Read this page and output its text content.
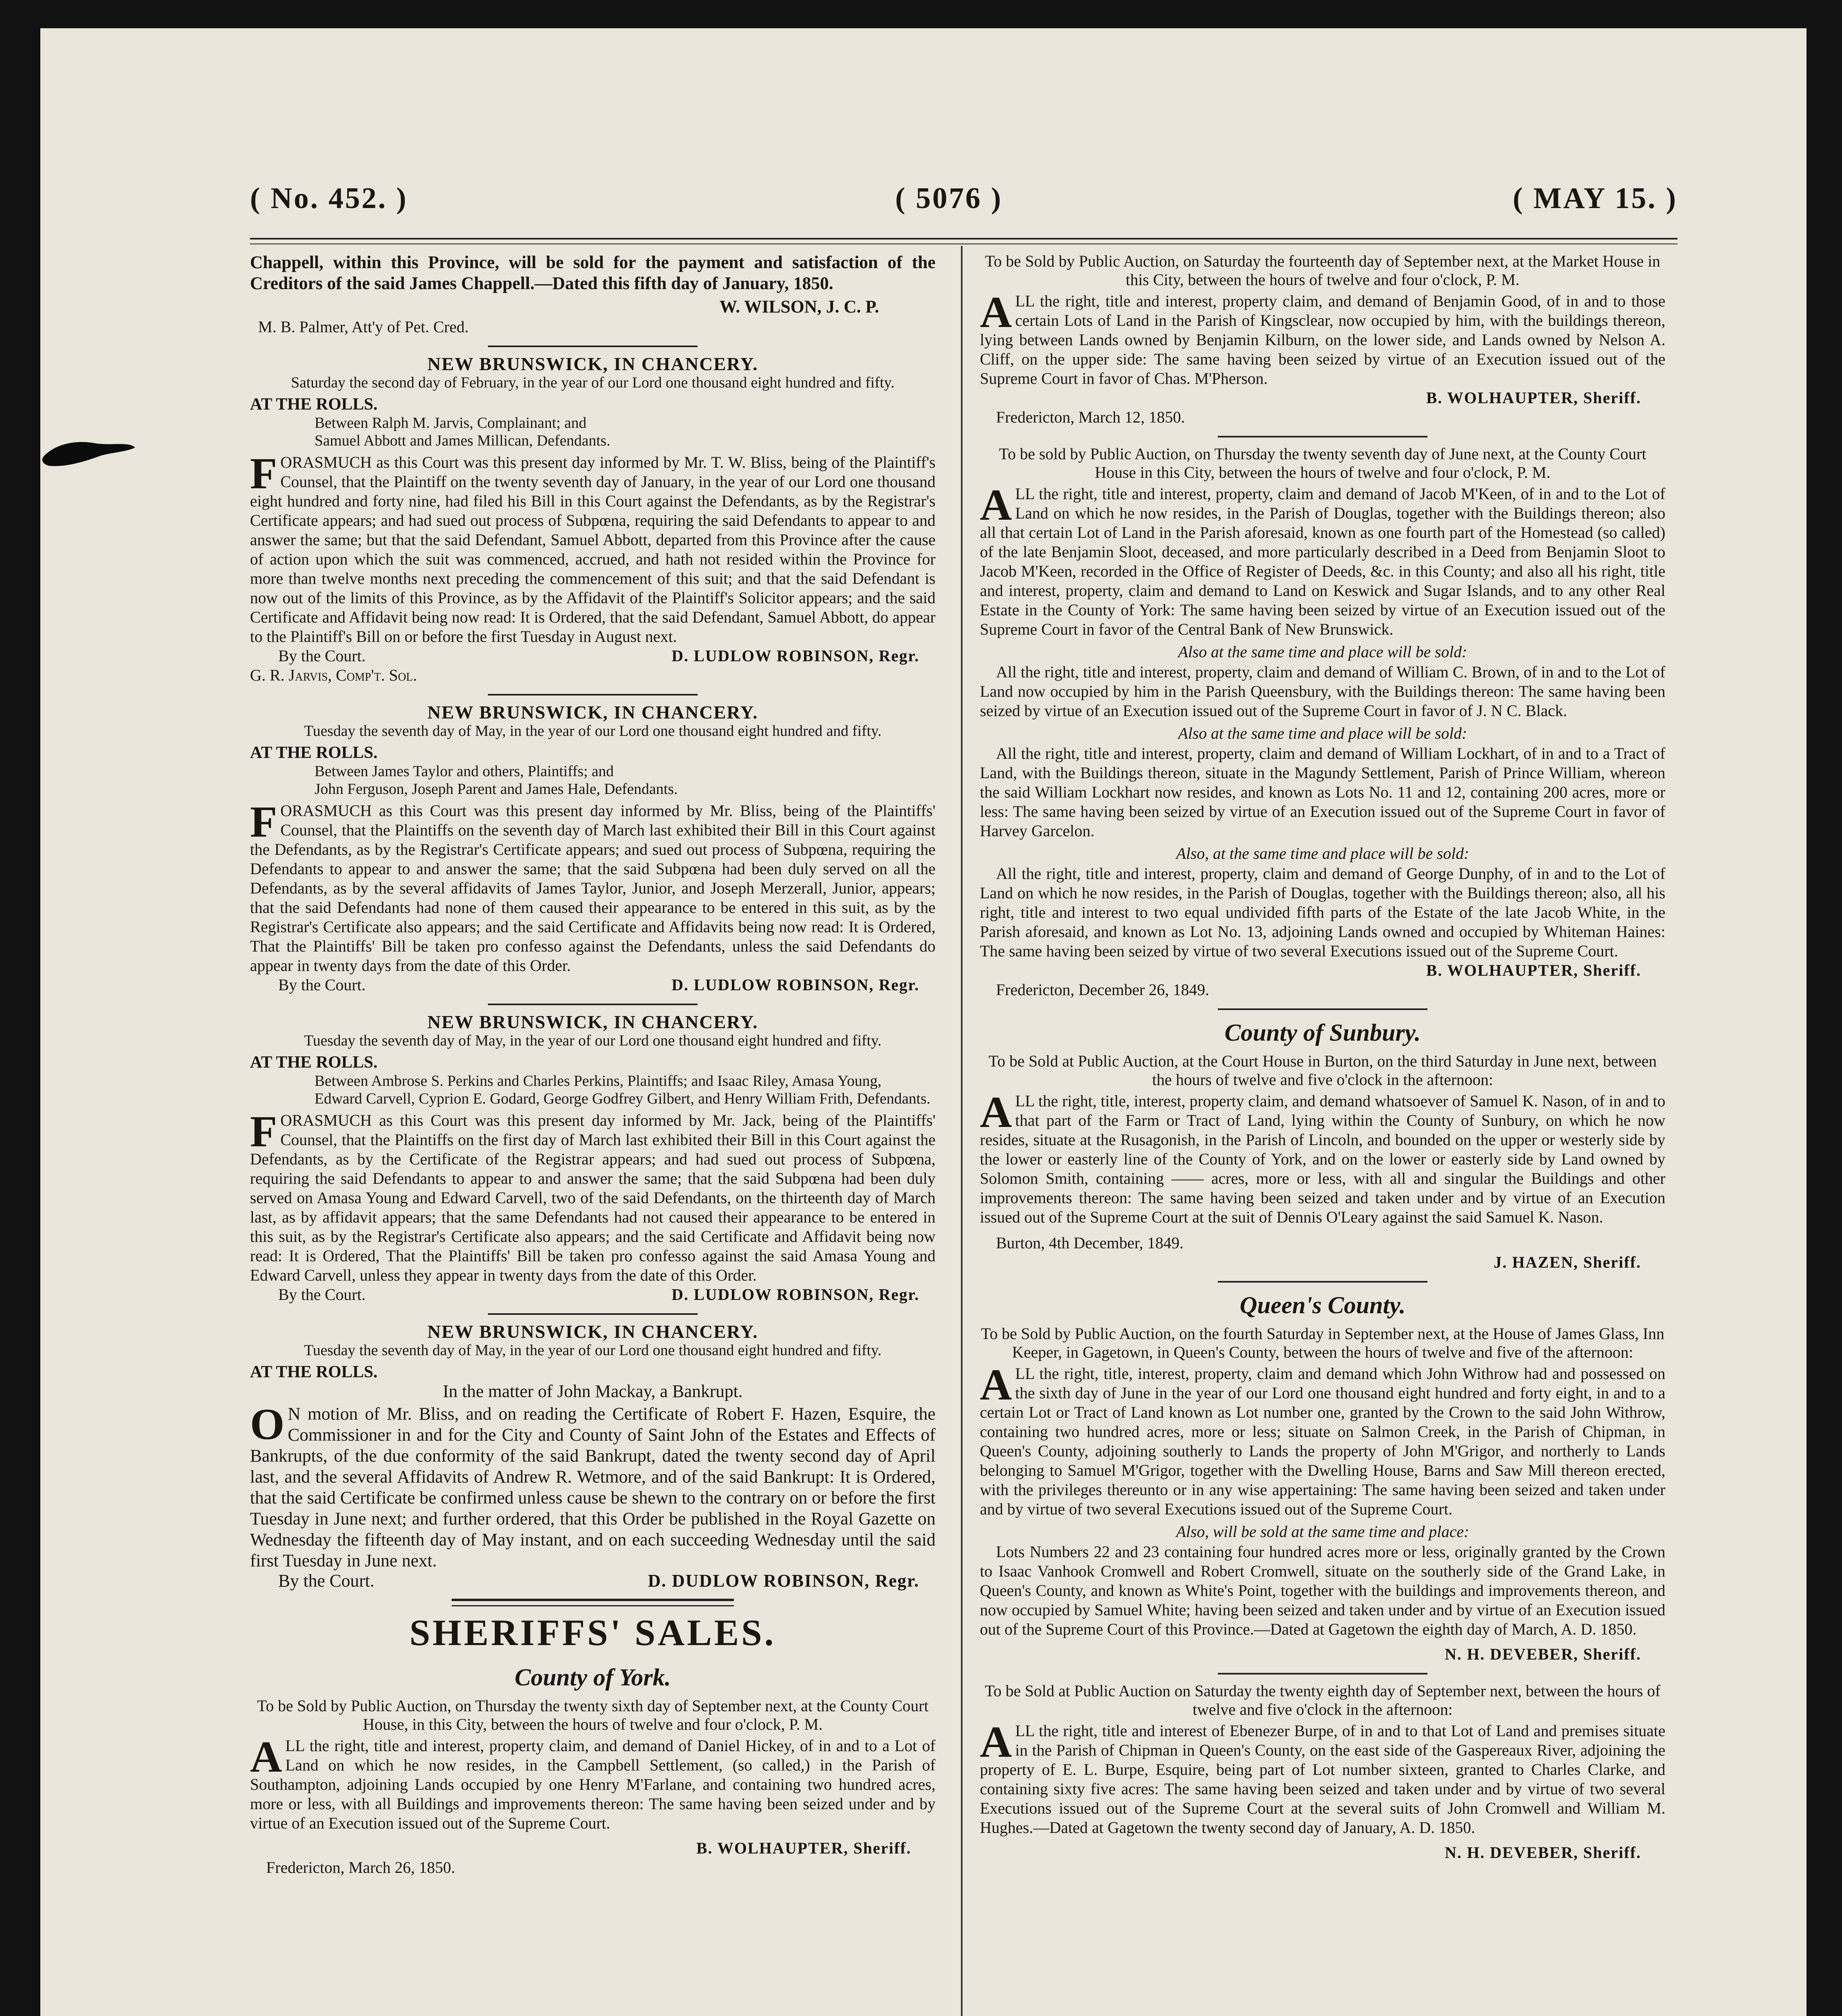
( No. 452. )	( 5076 )	( MAY 15. )

Chappell, within this Province, will be sold for the payment and satisfaction of the Creditors of the said James Chappell.—Dated this fifth day of January, 1850.

W. WILSON, J. C. P.
M. B. Palmer, Att'y of Pet. Cred.
NEW BRUNSWICK, IN CHANCERY.
Saturday the second day of February, in the year of our Lord one thousand eight hundred and fifty.
AT THE ROLLS.
Between Ralph M. Jarvis, Complainant; and
Samuel Abbott and James Millican, Defendants.

FORASMUCH as this Court was this present day informed by Mr. T. W. Bliss, being of the Plaintiff's Counsel, that the Plaintiff on the twenty seventh day of January, in the year of our Lord one thousand eight hundred and forty nine, had filed his Bill in this Court against the Defendants, as by the Registrar's Certificate appears; and had sued out process of Subpœna, requiring the said Defendants to appear to and answer the same; but that the said Defendant, Samuel Abbott, departed from this Province after the cause of action upon which the suit was commenced, accrued, and hath not resided within the Province for more than twelve months next preceding the commencement of this suit; and that the said Defendant is now out of the limits of this Province, as by the Affidavit of the Plaintiff's Solicitor appears; and the said Certificate and Affidavit being now read: It is Ordered, that the said Defendant, Samuel Abbott, do appear to the Plaintiff's Bill on or before the first Tuesday in August next.

By the Court.	D. LUDLOW ROBINSON, Regr.
G. R. Jarvis, Comp't. Sol.
NEW BRUNSWICK, IN CHANCERY.
Tuesday the seventh day of May, in the year of our Lord one thousand eight hundred and fifty.
AT THE ROLLS.
Between James Taylor and others, Plaintiffs; and
John Ferguson, Joseph Parent and James Hale, Defendants.

FORASMUCH as this Court was this present day informed by Mr. Bliss, being of the Plaintiffs' Counsel, that the Plaintiffs on the seventh day of March last exhibited their Bill in this Court against the Defendants, as by the Registrar's Certificate appears; and sued out process of Subpœna, requiring the Defendants to appear to and answer the same; that the said Subpœna had been duly served on all the Defendants, as by the several affidavits of James Taylor, Junior, and Joseph Merzerall, Junior, appears; that the said Defendants had none of them caused their appearance to be entered in this suit, as by the Registrar's Certificate also appears; and the said Certificate and Affidavits being now read: It is Ordered, That the Plaintiffs' Bill be taken pro confesso against the Defendants, unless the said Defendants do appear in twenty days from the date of this Order.

By the Court.	D. LUDLOW ROBINSON, Regr.
NEW BRUNSWICK, IN CHANCERY.
Tuesday the seventh day of May, in the year of our Lord one thousand eight hundred and fifty.
AT THE ROLLS.
Between Ambrose S. Perkins and Charles Perkins, Plaintiffs; and Isaac Riley, Amasa Young, Edward Carvell, Cyprion E. Godard, George Godfrey Gilbert, and Henry William Frith, Defendants.

FORASMUCH as this Court was this present day informed by Mr. Jack, being of the Plaintiffs' Counsel, that the Plaintiffs on the first day of March last exhibited their Bill in this Court against the Defendants, as by the Certificate of the Registrar appears; and had sued out process of Subpœna, requiring the said Defendants to appear to and answer the same; that the said Subpœna had been duly served on Amasa Young and Edward Carvell, two of the said Defendants, on the thirteenth day of March last, as by affidavit appears; that the same Defendants had not caused their appearance to be entered in this suit, as by the Registrar's Certificate also appears; and the said Certificate and Affidavit being now read: It is Ordered, That the Plaintiffs' Bill be taken pro confesso against the said Amasa Young and Edward Carvell, unless they appear in twenty days from the date of this Order.

By the Court.	D. LUDLOW ROBINSON, Regr.
NEW BRUNSWICK, IN CHANCERY.
Tuesday the seventh day of May, in the year of our Lord one thousand eight hundred and fifty.
AT THE ROLLS.
In the matter of John Mackay, a Bankrupt.

O N motion of Mr. Bliss, and on reading the Certificate of Robert F. Hazen, Esquire, the Commissioner in and for the City and County of Saint John of the Estates and Effects of Bankrupts, of the due conformity of the said Bankrupt, dated the twenty second day of April last, and the several Affidavits of Andrew R. Wetmore, and of the said Bankrupt: It is Ordered, that the said Certificate be confirmed unless cause be shewn to the contrary on or before the first Tuesday in June next; and further ordered, that this Order be published in the Royal Gazette on Wednesday the fifteenth day of May instant, and on each succeeding Wednesday until the said first Tuesday in June next.

By the Court.	D. DUDLOW ROBINSON, Regr.
SHERIFFS' SALES.
County of York.
To be Sold by Public Auction, on Thursday the twenty sixth day of September next, at the County Court House, in this City, between the hours of twelve and four o'clock, P. M.

ALL the right, title and interest, property claim, and demand of Daniel Hickey, of in and to a Lot of Land on which he now resides, in the Campbell Settlement, (so called,) in the Parish of Southampton, adjoining Lands occupied by one Henry M'Farlane, and containing two hundred acres, more or less, with all Buildings and improvements thereon: The same having been seized under and by virtue of an Execution issued out of the Supreme Court.

B. WOLHAUPTER, Sheriff.
Fredericton, March 26, 1850.
To be Sold by Public Auction, on Saturday the fourteenth day of September next, at the Market House in this City, between the hours of twelve and four o'clock, P. M.

ALL the right, title and interest, property claim, and demand of Benjamin Good, of in and to those certain Lots of Land in the Parish of Kingsclear, now occupied by him, with the buildings thereon, lying between Lands owned by Benjamin Kilburn, on the lower side, and Lands owned by Nelson A. Cliff, on the upper side: The same having been seized by virtue of an Execution issued out of the Supreme Court in favor of Chas. M'Pherson.

B. WOLHAUPTER, Sheriff.
Fredericton, March 12, 1850.
To be sold by Public Auction, on Thursday the twenty seventh day of June next, at the County Court House in this City, between the hours of twelve and four o'clock, P. M.

ALL the right, title and interest, property, claim and demand of Jacob M'Keen, of in and to the Lot of Land on which he now resides, in the Parish of Douglas, together with the Buildings thereon; also all that certain Lot of Land in the Parish aforesaid, known as one fourth part of the Homestead (so called) of the late Benjamin Sloot, deceased, and more particularly described in a Deed from Benjamin Sloot to Jacob M'Keen, recorded in the Office of Register of Deeds, &c. in this County; and also all his right, title and interest, property, claim and demand to Land on Keswick and Sugar Islands, and to any other Real Estate in the County of York: The same having been seized by virtue of an Execution issued out of the Supreme Court in favor of the Central Bank of New Brunswick.

Also at the same time and place will be sold:

All the right, title and interest, property, claim and demand of William C. Brown, of in and to the Lot of Land now occupied by him in the Parish Queensbury, with the Buildings thereon: The same having been seized by virtue of an Execution issued out of the Supreme Court in favor of J. N C. Black.

Also at the same time and place will be sold:

All the right, title and interest, property, claim and demand of William Lockhart, of in and to a Tract of Land, with the Buildings thereon, situate in the Magundy Settlement, Parish of Prince William, whereon the said William Lockhart now resides, and known as Lots No. 11 and 12, containing 200 acres, more or less: The same having been seized by virtue of an Execution issued out of the Supreme Court in favor of Harvey Garcelon.

Also, at the same time and place will be sold:

All the right, title and interest, property, claim and demand of George Dunphy, of in and to the Lot of Land on which he now resides, in the Parish of Douglas, together with the Buildings thereon; also, all his right, title and interest to two equal undivided fifth parts of the Estate of the late Jacob White, in the Parish aforesaid, and known as Lot No. 13, adjoining Lands owned and occupied by Whiteman Haines: The same having been seized by virtue of two several Executions issued out of the Supreme Court.

B. WOLHAUPTER, Sheriff.
Fredericton, December 26, 1849.
County of Sunbury.
To be Sold at Public Auction, at the Court House in Burton, on the third Saturday in June next, between the hours of twelve and five o'clock in the afternoon:

ALL the right, title, interest, property claim, and demand whatsoever of Samuel K. Nason, of in and to that part of the Farm or Tract of Land, lying within the County of Sunbury, on which he now resides, situate at the Rusagonish, in the Parish of Lincoln, and bounded on the upper or westerly side by the lower or easterly line of the County of York, and on the lower or easterly side by Land owned by Solomon Smith, containing —— acres, more or less, with all and singular the Buildings and other improvements thereon: The same having been seized and taken under and by virtue of an Execution issued out of the Supreme Court at the suit of Dennis O'Leary against the said Samuel K. Nason.

Burton, 4th December, 1849.
J. HAZEN, Sheriff.
Queen's County.
To be Sold by Public Auction, on the fourth Saturday in September next, at the House of James Glass, Inn Keeper, in Gagetown, in Queen's County, between the hours of twelve and five of the afternoon:

ALL the right, title, interest, property, claim and demand which John Withrow had and possessed on the sixth day of June in the year of our Lord one thousand eight hundred and forty eight, in and to a certain Lot or Tract of Land known as Lot number one, granted by the Crown to the said John Withrow, containing two hundred acres, more or less; situate on Salmon Creek, in the Parish of Chipman, in Queen's County, adjoining southerly to Lands the property of John M'Grigor, and northerly to Lands belonging to Samuel M'Grigor, together with the Dwelling House, Barns and Saw Mill thereon erected, with the privileges thereunto or in any wise appertaining: The same having been seized and taken under and by virtue of two several Executions issued out of the Supreme Court.

Also, will be sold at the same time and place:

Lots Numbers 22 and 23 containing four hundred acres more or less, originally granted by the Crown to Isaac Vanhook Cromwell and Robert Cromwell, situate on the southerly side of the Grand Lake, in Queen's County, and known as White's Point, together with the buildings and improvements thereon, and now occupied by Samuel White; having been seized and taken under and by virtue of an Execution issued out of the Supreme Court of this Province.—Dated at Gagetown the eighth day of March, A. D. 1850.

N. H. DEVEBER, Sheriff.
To be Sold at Public Auction on Saturday the twenty eighth day of September next, between the hours of twelve and five o'clock in the afternoon:

ALL the right, title and interest of Ebenezer Burpe, of in and to that Lot of Land and premises situate in the Parish of Chipman in Queen's County, on the east side of the Gaspereaux River, adjoining the property of E. L. Burpe, Esquire, being part of Lot number sixteen, granted to Charles Clarke, and containing sixty five acres: The same having been seized and taken under and by virtue of two several Executions issued out of the Supreme Court at the several suits of John Cromwell and William M. Hughes.—Dated at Gagetown the twenty second day of January, A. D. 1850.

N. H. DEVEBER, Sheriff.
